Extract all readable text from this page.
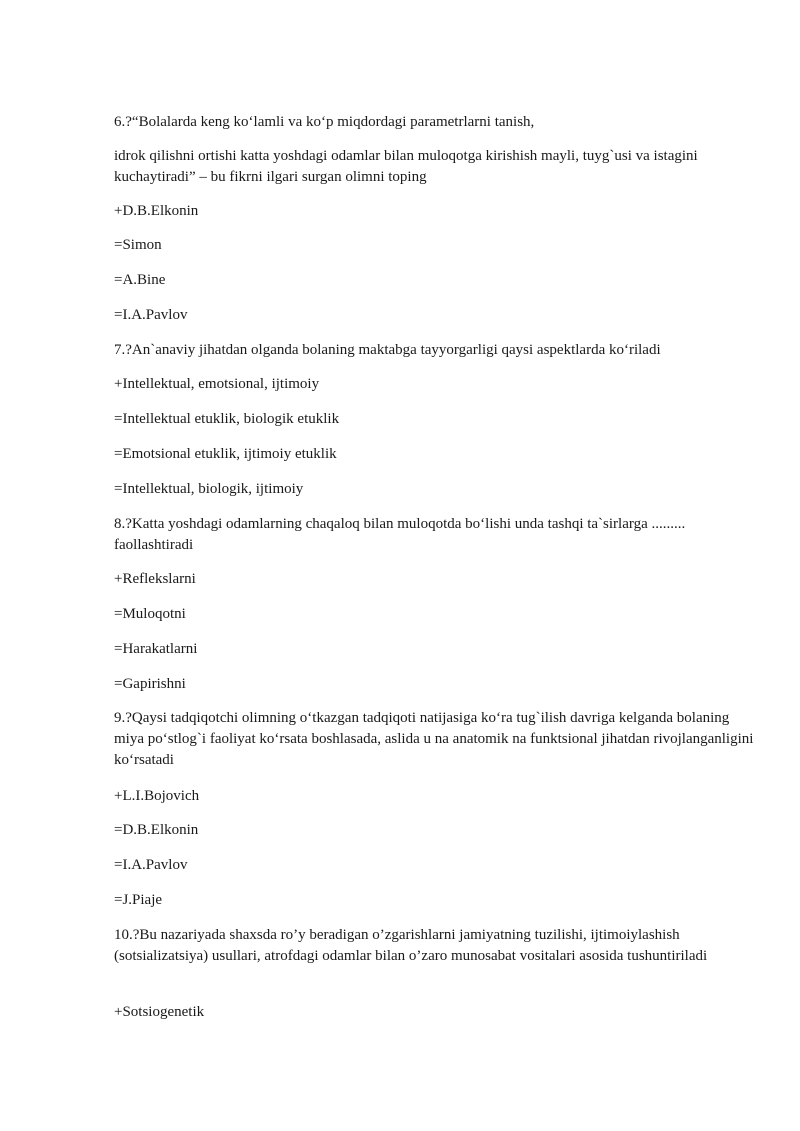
6.?“Bolalarda keng ko‘lamli va ko‘p miqdordagi parametrlarni tanish,

idrok qilishni ortishi katta yoshdagi odamlar bilan muloqotga kirishish mayli, tuyg`usi va istagini kuchaytiradi” – bu fikrni ilgari surgan olimni toping

+D.B.Elkonin

=Simon

=A.Bine

=I.A.Pavlov

7.?An`anaviy jihatdan olganda bolaning maktabga tayyorgarligi qaysi aspektlarda ko‘riladi

+Intellektual, emotsional, ijtimoiy

=Intellektual etuklik, biologik etuklik

=Emotsional etuklik, ijtimoiy etuklik

=Intellektual, biologik, ijtimoiy

8.?Katta yoshdagi odamlarning chaqaloq bilan muloqotda bo‘lishi unda tashqi ta`sirlarga ......... faollashtiradi

+Reflekslarni

=Muloqotni

=Harakatlarni

=Gapirishni

9.?Qaysi tadqiqotchi olimning o‘tkazgan tadqiqoti natijasiga ko‘ra tug`ilish davriga kelganda bolaning miya po‘stlog`i faoliyat ko‘rsata boshlasada, aslida u na anatomik na funktsional jihatdan rivojlanganligini ko‘rsatadi

+L.I.Bojovich

=D.B.Elkonin

=I.A.Pavlov

=J.Piaje

10.?Bu nazariyada shaxsda ro’y beradigan o’zgarishlarni jamiyatning tuzilishi, ijtimoiylashish (sotsializatsiya) usullari, atrofdagi odamlar bilan o’zaro munosabat vositalari asosida tushuntiriladi

+Sotsiogenetik
